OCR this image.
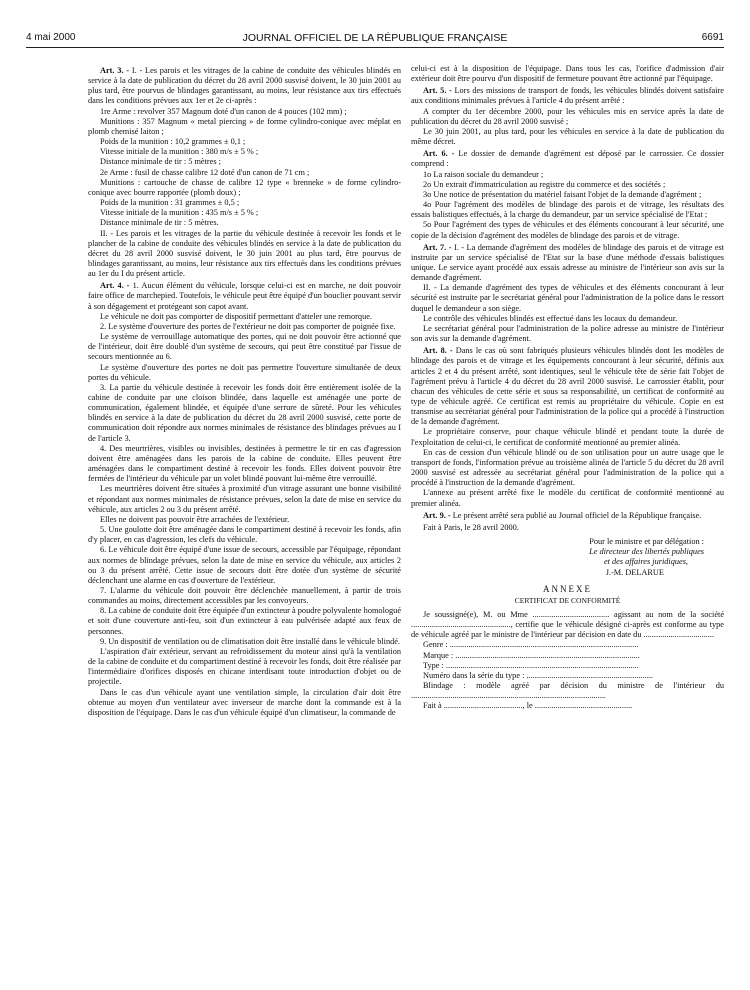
4 mai 2000	JOURNAL OFFICIEL DE LA RÉPUBLIQUE FRANÇAISE	6691

Art. 3. - I. - Les parois et les vitrages de la cabine de conduite des véhicules blindés en service à la date de publication du décret du 28 avril 2000 susvisé doivent, le 30 juin 2001 au plus tard, être pourvus de blindages garantissant, au moins, leur résistance aux tirs effectués dans les conditions prévues aux 1er et 2e ci-après :

1re Arme : revolver 357 Magnum doté d'un canon de 4 pouces (102 mm) ;

Munitions : 357 Magnum « metal piercing » de forme cylindro-conique avec méplat en plomb chemisé laiton ;

Poids de la munition : 10,2 grammes ± 0,1 ;

Vitesse initiale de la munition : 380 m/s ± 5 % ;

Distance minimale de tir : 5 mètres ;

2e Arme : fusil de chasse calibre 12 doté d'un canon de 71 cm ;

Munitions : cartouche de chasse de calibre 12 type « brenneke » de forme cylindro-conique avec bourre rapportée (plomb doux) ;

Poids de la munition : 31 grammes ± 0,5 ;

Vitesse initiale de la munition : 435 m/s ± 5 % ;

Distance minimale de tir : 5 mètres.

II. - Les parois et les vitrages de la partie du véhicule destinée à recevoir les fonds et le plancher de la cabine de conduite des véhicules blindés en service à la date de publication du décret du 28 avril 2000 susvisé doivent, le 30 juin 2001 au plus tard, être pourvus de blindages garantissant, au moins, leur résistance aux tirs effectués dans les conditions prévues au 1er du I du présent article.

Art. 4. - 1. Aucun élément du véhicule, lorsque celui-ci est en marche, ne doit pouvoir faire office de marchepied. Toutefois, le véhicule peut être équipé d'un bouclier pouvant servir à son dégagement et protégeant son capot avant.

Le véhicule ne doit pas comporter de dispositif permettant d'atteler une remorque.

2. Le système d'ouverture des portes de l'extérieur ne doit pas comporter de poignée fixe.

Le système de verrouillage automatique des portes, qui ne doit pouvoir être actionné que de l'intérieur, doit être doublé d'un système de secours, qui peut être constitué par l'issue de secours mentionnée au 6.

Le système d'ouverture des portes ne doit pas permettre l'ouverture simultanée de deux portes du véhicule.

3. La partie du véhicule destinée à recevoir les fonds doit être entièrement isolée de la cabine de conduite par une cloison blindée, dans laquelle est aménagée une porte de communication, également blindée, et équipée d'une serrure de sûreté. Pour les véhicules blindés en service à la date de publication du décret du 28 avril 2000 susvisé, cette porte de communication doit répondre aux normes minimales de résistance des blindages prévues au I de l'article 3.

4. Des meurtrières, visibles ou invisibles, destinées à permettre le tir en cas d'agression doivent être aménagées dans les parois de la cabine de conduite. Elles peuvent être aménagées dans le compartiment destiné à recevoir les fonds. Elles doivent pouvoir être fermées de l'intérieur du véhicule par un volet blindé pouvant lui-même être verrouillé.

Les meurtrières doivent être situées à proximité d'un vitrage assurant une bonne visibilité et répondant aux normes minimales de résistance prévues, selon la date de mise en service du véhicule, aux articles 2 ou 3 du présent arrêté.

Elles ne doivent pas pouvoir être arrachées de l'extérieur.

5. Une goulotte doit être aménagée dans le compartiment destiné à recevoir les fonds, afin d'y placer, en cas d'agression, les clefs du véhicule.

6. Le véhicule doit être équipé d'une issue de secours, accessible par l'équipage, répondant aux normes de blindage prévues, selon la date de mise en service du véhicule, aux articles 2 ou 3 du présent arrêté. Cette issue de secours doit être dotée d'un système de sécurité déclenchant une alarme en cas d'ouverture de l'extérieur.

7. L'alarme du véhicule doit pouvoir être déclenchée manuellement, à partir de trois commandes au moins, directement accessibles par les convoyeurs.

8. La cabine de conduite doit être équipée d'un extincteur à poudre polyvalente homologué et soit d'une couverture anti-feu, soit d'un extincteur à eau pulvérisée adapté aux feux de personnes.

9. Un dispositif de ventilation ou de climatisation doit être installé dans le véhicule blindé.

L'aspiration d'air extérieur, servant au refroidissement du moteur ainsi qu'à la ventilation de la cabine de conduite et du compartiment destiné à recevoir les fonds, doit être réalisée par l'intermédiaire d'orifices disposés en chicane interdisant toute introduction d'objet ou de projectile.

Dans le cas d'un véhicule ayant une ventilation simple, la circulation d'air doit être obtenue au moyen d'un ventilateur avec inverseur de marche dont la commande est à la disposition de l'équipage. Dans le cas d'un véhicule équipé d'un climatiseur, la commande de

celui-ci est à la disposition de l'équipage. Dans tous les cas, l'orifice d'admission d'air extérieur doit être pourvu d'un dispositif de fermeture pouvant être actionné par l'équipage.

Art. 5. - Lors des missions de transport de fonds, les véhicules blindés doivent satisfaire aux conditions minimales prévues à l'article 4 du présent arrêté :

A compter du 1er décembre 2000, pour les véhicules mis en service après la date de publication du décret du 28 avril 2000 susvisé ;

Le 30 juin 2001, au plus tard, pour les véhicules en service à la date de publication du même décret.

Art. 6. - Le dossier de demande d'agrément est déposé par le carrossier. Ce dossier comprend :

1o La raison sociale du demandeur ;

2o Un extrait d'immatriculation au registre du commerce et des sociétés ;

3o Une notice de présentation du matériel faisant l'objet de la demande d'agrément ;

4o Pour l'agrément des modèles de blindage des parois et de vitrage, les résultats des essais balistiques effectués, à la charge du demandeur, par un service spécialisé de l'Etat ;

5o Pour l'agrément des types de véhicules et des éléments concourant à leur sécurité, une copie de la décision d'agrément des modèles de blindage des parois et de vitrage.

Art. 7. - I. - La demande d'agrément des modèles de blindage des parois et de vitrage est instruite par un service spécialisé de l'Etat sur la base d'une méthode d'essais balistiques unique. Le service ayant procédé aux essais adresse au ministre de l'intérieur son avis sur la demande d'agrément.

II. - La demande d'agrément des types de véhicules et des éléments concourant à leur sécurité est instruite par le secrétariat général pour l'administration de la police dans le ressort duquel le demandeur a son siège.

Le contrôle des véhicules blindés est effectué dans les locaux du demandeur.

Le secrétariat général pour l'administration de la police adresse au ministre de l'intérieur son avis sur la demande d'agrément.

Art. 8. - Dans le cas où sont fabriqués plusieurs véhicules blindés dont les modèles de blindage des parois et de vitrage et les équipements concourant à leur sécurité, définis aux articles 2 et 4 du présent arrêté, sont identiques, seul le véhicule tête de série fait l'objet de l'agrément prévu à l'article 4 du décret du 28 avril 2000 susvisé. Le carrossier établit, pour chacun des véhicules de cette série et sous sa responsabilité, un certificat de conformité au type de véhicule agréé. Ce certificat est remis au propriétaire du véhicule. Copie en est transmise au secrétariat général pour l'administration de la police qui a procédé à l'instruction de la demande d'agrément.

Le propriétaire conserve, pour chaque véhicule blindé et pendant toute la durée de l'exploitation de celui-ci, le certificat de conformité mentionné au premier alinéa.

En cas de cession d'un véhicule blindé ou de son utilisation pour un autre usage que le transport de fonds, l'information prévue au troisième alinéa de l'article 5 du décret du 28 avril 2000 susvisé est adressée au secrétariat général pour l'administration de la police qui a procédé à l'instruction de la demande d'agrément.

L'annexe au présent arrêté fixe le modèle du certificat de conformité mentionné au premier alinéa.

Art. 9. - Le présent arrêté sera publié au Journal officiel de la République française.

Fait à Paris, le 28 avril 2000.

Pour le ministre et par délégation :

Le directeur des libertés publiques

et des affaires juridiques,

J.-M. DELARUE

ANNEXE
CERTIFICAT DE CONFORMITÉ

Je soussigné(e), M. ou Mme ..................................... agissant au nom de la société ................................................, certifie que le véhicule désigné ci-après est conforme au type de véhicule agréé par le ministre de l'intérieur par décision en date du ..................................

Genre : ...........................................................................................

Marque : .........................................................................................

Type : .............................................................................................

Numéro dans la série du type : .............................................................

Blindage : modèle agréé par décision du ministre de l'intérieur du ..............................................................................................

Fait à ......................................, le ...............................................
